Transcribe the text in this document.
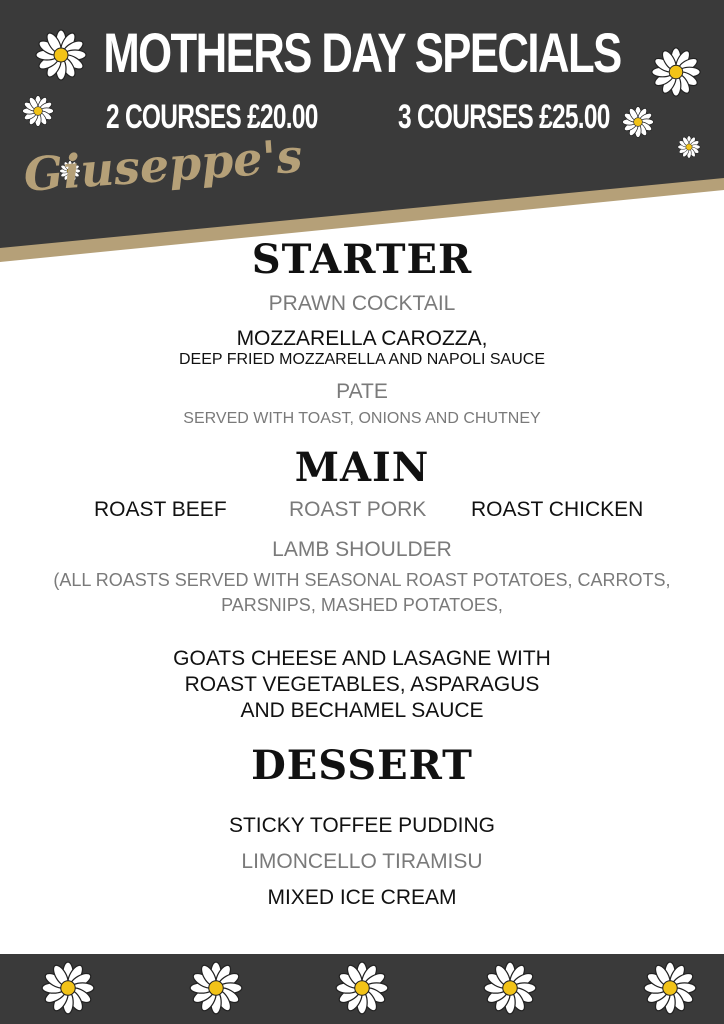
MOTHERS DAY SPECIALS
2 COURSES £20.00 3 COURSES £25.00
Giuseppe's
STARTER
PRAWN COCKTAIL
MOZZARELLA CAROZZA,
DEEP FRIED MOZZARELLA AND NAPOLI SAUCE
PATE
SERVED WITH TOAST, ONIONS AND CHUTNEY
MAIN
ROAST BEEF	ROAST PORK ROAST CHICKEN
LAMB SHOULDER
(ALL ROASTS SERVED WITH SEASONAL ROAST POTATOES, CARROTS,
PARSNIPS, MASHED POTATOES,
GOATS CHEESE AND LASAGNE WITH
ROAST VEGETABLES, ASPARAGUS
AND BECHAMEL SAUCE
DESSERT
STICKY TOFFEE PUDDING
LIMONCELLO TIRAMISU
MIXED ICE CREAM
